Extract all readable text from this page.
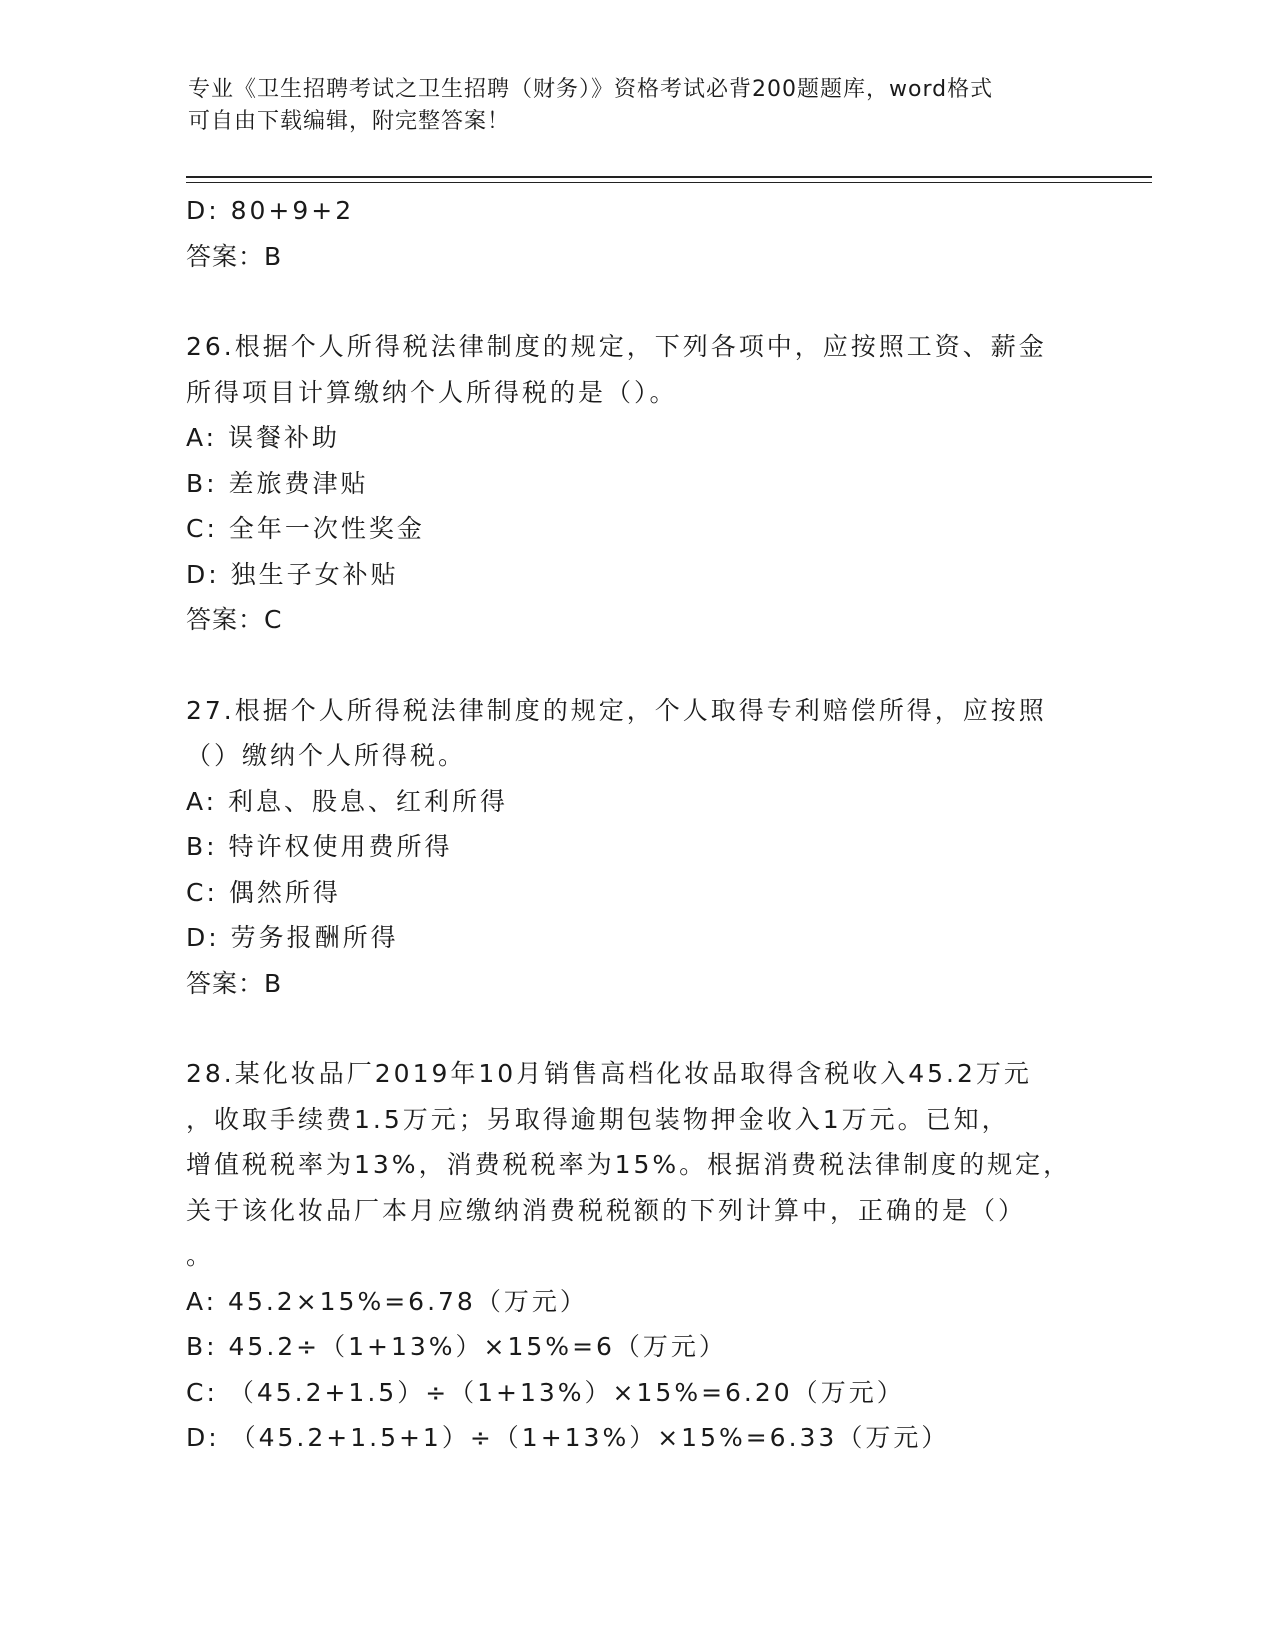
专业《卫生招聘考试之卫生招聘（财务）》资格考试必背200题题库，word格式
可自由下载编辑，附完整答案！
D: 80+9+2
答案：B
26.根据个人所得税法律制度的规定，下列各项中，应按照工资、薪金
所得项目计算缴纳个人所得税的是（）。
A: 误餐补助
B: 差旅费津贴
C: 全年一次性奖金
D: 独生子女补贴
答案：C
27.根据个人所得税法律制度的规定，个人取得专利赔偿所得，应按照
（）缴纳个人所得税。
A: 利息、股息、红利所得
B: 特许权使用费所得
C: 偶然所得
D: 劳务报酬所得
答案：B
28.某化妆品厂2019年10月销售高档化妆品取得含税收入45.2万元
，收取手续费1.5万元；另取得逾期包装物押金收入1万元。已知，
增值税税率为13%，消费税税率为15%。根据消费税法律制度的规定，
关于该化妆品厂本月应缴纳消费税税额的下列计算中，正确的是（）
。
A: 45.2×15%=6.78（万元）
B: 45.2÷（1+13%）×15%=6（万元）
C: （45.2+1.5）÷（1+13%）×15%=6.20（万元）
D: （45.2+1.5+1）÷（1+13%）×15%=6.33（万元）
